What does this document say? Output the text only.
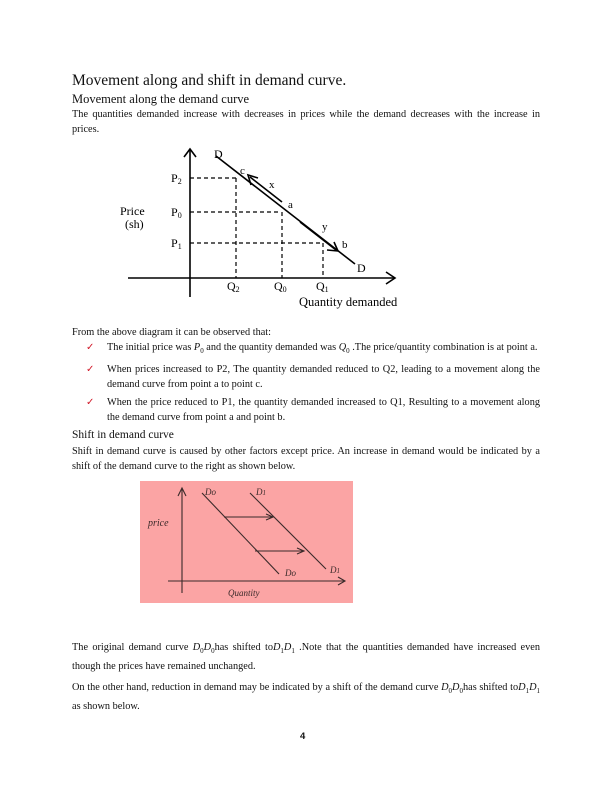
Movement along and shift in demand curve.
Movement along the demand curve
The quantities demanded increase with decreases in prices while the demand decreases with the increase in prices.
Price
(sh)
P2
P0
P1
Q2	Q0 Q1
D
D
c
a
b
x
y
Quantity demanded
From the above diagram it can be observed that:
✓ The initial price was $P_0$ and the quantity demanded was $Q_0$ .The price/quantity combination is at point a.
✓ When prices increased to P2, The quantity demanded reduced to Q2, leading to a movement along the demand curve from point a to point c.
✓ When the price reduced to P1, the quantity demanded increased to Q1, Resulting to a movement along the demand curve from point a and point b.
Shift in demand curve
Shift in demand curve is caused by other factors except price. An increase in demand would be indicated by a shift of the demand curve to the right as shown below.
Do	D1
Do	D1
price
Quantity
The original demand curve $D_0D_0has$ shifted $toD_1D_1$ .Note that the quantities demanded have increased even though the prices have remained unchanged.
On the other hand, reduction in demand may be indicated by a shift of the demand curve $D_0D_0has$ shifted $toD_1D_1$ as shown below.
4
